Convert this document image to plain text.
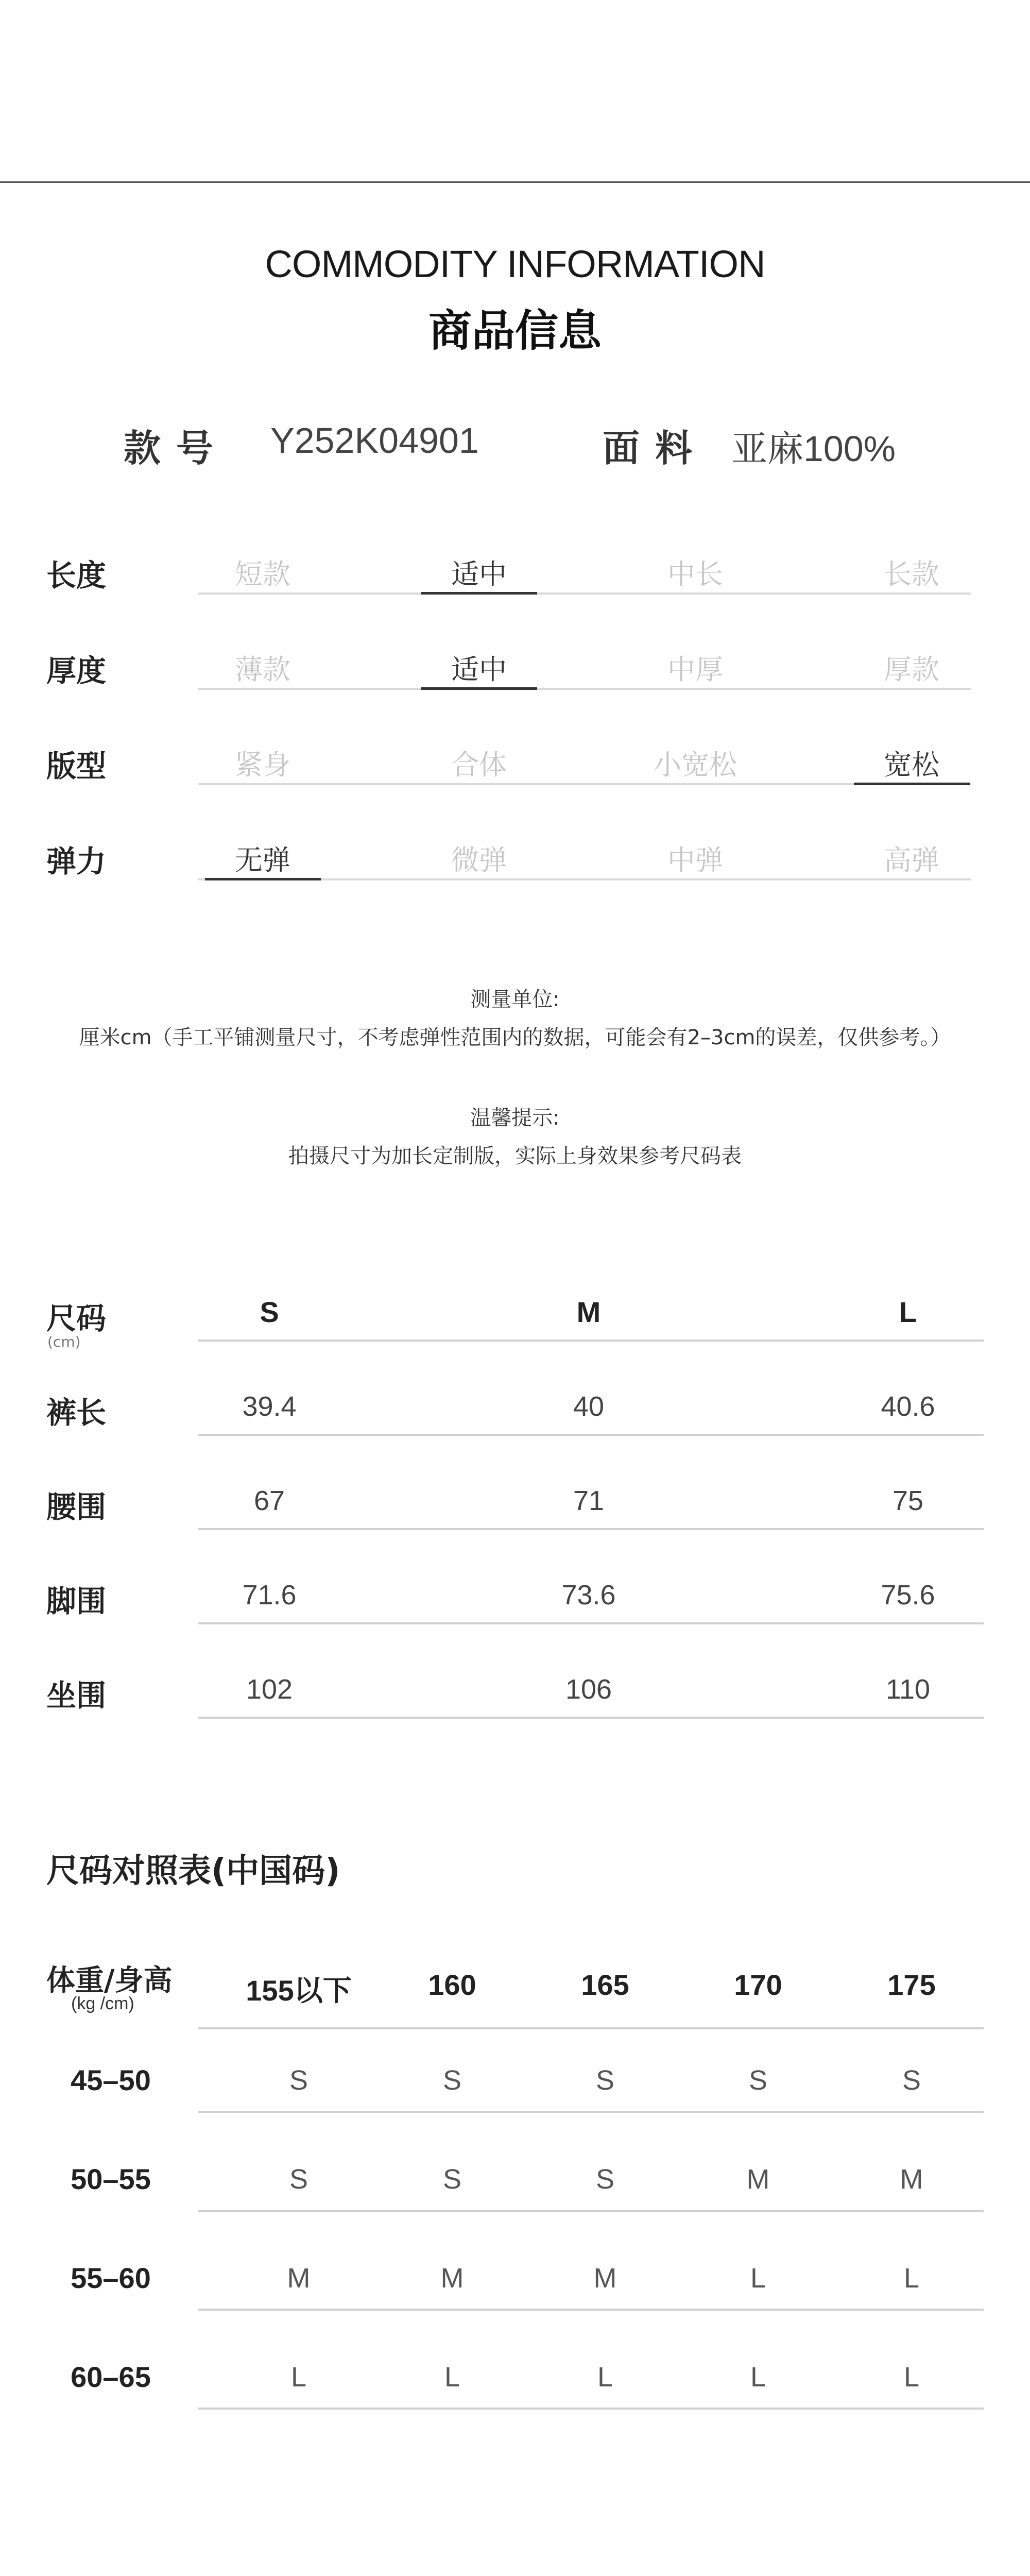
COMMODITY INFORMATION
商品信息
款号 Y252K04901	面料 亚麻100%
长度	短款	适中	中长	长款
厚度	薄款	适中	中厚	厚款
版型	紧身	合体	小宽松	宽松
弹力	无弹	微弹	中弹	高弹
测量单位:
厘米cm（手工平铺测量尺寸，不考虑弹性范围内的数据，可能会有2–3cm的误差，仅供参考。）
温馨提示:
拍摄尺寸为加长定制版，实际上身效果参考尺码表
尺码
(cm)
S	M	L
裤长	39.4	40	40.6
腰围	67	71	75
脚围	71.6	73.6	75.6
坐围	102	106	110
尺码对照表(中国码)
体重/身高
(kg /cm)	155以下	160	165	170	175
45–50	S	S	S	S	S
50–55	S	S	S	M	M
55–60	M	M	M	L	L
60–65	L	L	L	L	L
